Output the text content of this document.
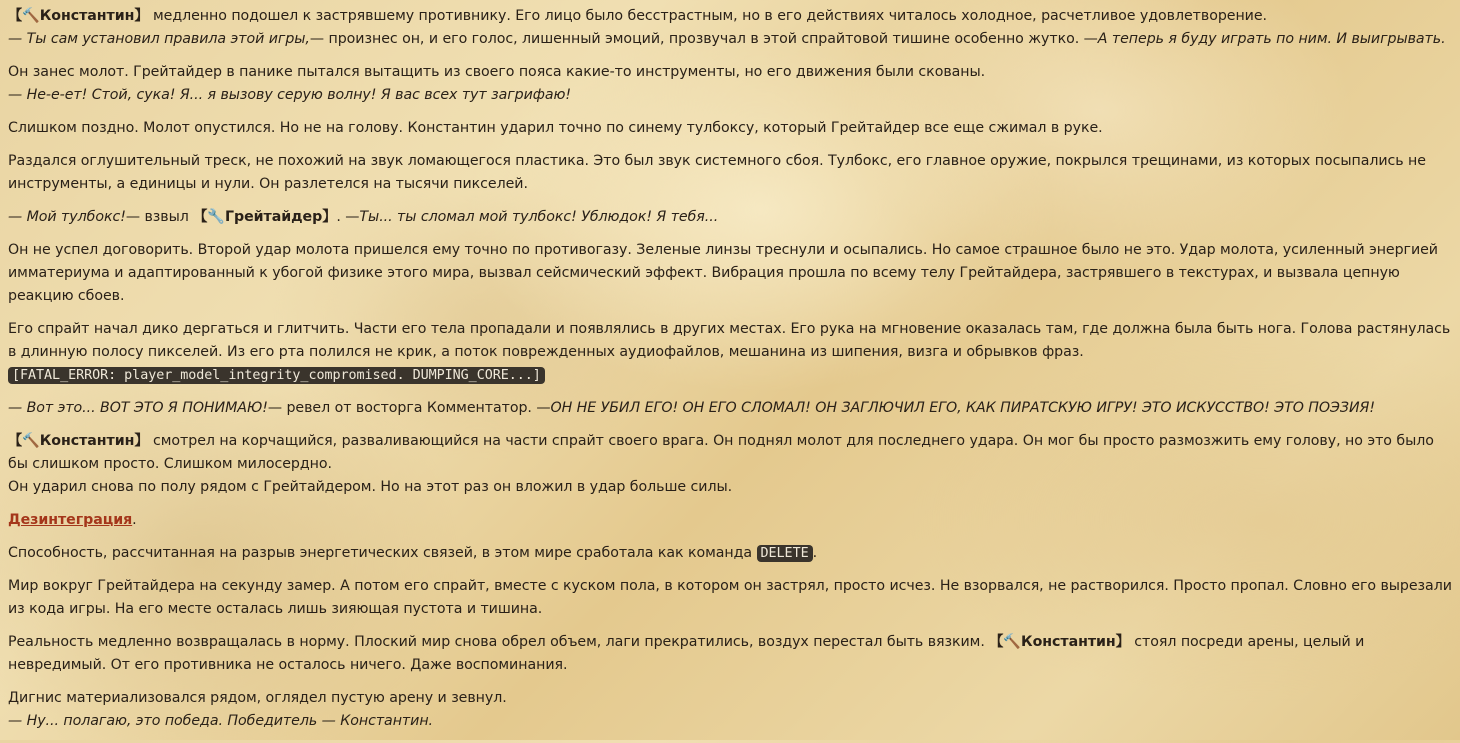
【🔨Константин】 медленно подошел к застрявшему противнику. Его лицо было бесстрастным, но в его действиях читалось холодное, расчетливое удовлетворение.
— Ты сам установил правила этой игры,— произнес он, и его голос, лишенный эмоций, прозвучал в этой спрайтовой тишине особенно жутко. —А теперь я буду играть по ним. И выигрывать.

Он занес молот. Грейтайдер в панике пытался вытащить из своего пояса какие-то инструменты, но его движения были скованы.
— Не-е-ет! Стой, сука! Я... я вызову серую волну! Я вас всех тут загрифаю!

Слишком поздно. Молот опустился. Но не на голову. Константин ударил точно по синему тулбоксу, который Грейтайдер все еще сжимал в руке.

Раздался оглушительный треск, не похожий на звук ломающегося пластика. Это был звук системного сбоя. Тулбокс, его главное оружие, покрылся трещинами, из которых посыпались не инструменты, а единицы и нули. Он разлетелся на тысячи пикселей.

— Мой тулбокс!— взвыл 【🔧Грейтайдер】. —Ты... ты сломал мой тулбокс! Ублюдок! Я тебя...

Он не успел договорить. Второй удар молота пришелся ему точно по противогазу. Зеленые линзы треснули и осыпались. Но самое страшное было не это. Удар молота, усиленный энергией имматериума и адаптированный к убогой физике этого мира, вызвал сейсмический эффект. Вибрация прошла по всему телу Грейтайдера, застрявшего в текстурах, и вызвала цепную реакцию сбоев.

Его спрайт начал дико дергаться и глитчить. Части его тела пропадали и появлялись в других местах. Его рука на мгновение оказалась там, где должна была быть нога. Голова растянулась в длинную полосу пикселей. Из его рта полился не крик, а поток поврежденных аудиофайлов, мешанина из шипения, визга и обрывков фраз.
[FATAL_ERROR: player_model_integrity_compromised. DUMPING_CORE...]

— Вот это... ВОТ ЭТО Я ПОНИМАЮ!— ревел от восторга Комментатор. —ОН НЕ УБИЛ ЕГО! ОН ЕГО СЛОМАЛ! ОН ЗАГЛЮЧИЛ ЕГО, КАК ПИРАТСКУЮ ИГРУ! ЭТО ИСКУССТВО! ЭТО ПОЭЗИЯ!

【🔨Константин】 смотрел на корчащийся, разваливающийся на части спрайт своего врага. Он поднял молот для последнего удара. Он мог бы просто размозжить ему голову, но это было бы слишком просто. Слишком милосердно.
Он ударил снова по полу рядом с Грейтайдером. Но на этот раз он вложил в удар больше силы.

Дезинтеграция.

Способность, рассчитанная на разрыв энергетических связей, в этом мире сработала как команда DELETE .

Мир вокруг Грейтайдера на секунду замер. А потом его спрайт, вместе с куском пола, в котором он застрял, просто исчез. Не взорвался, не растворился. Просто пропал. Словно его вырезали из кода игры. На его месте осталась лишь зияющая пустота и тишина.

Реальность медленно возвращалась в норму. Плоский мир снова обрел объем, лаги прекратились, воздух перестал быть вязким. 【🔨Константин】 стоял посреди арены, целый и невредимый. От его противника не осталось ничего. Даже воспоминания.

Дигнис материализовался рядом, оглядел пустую арену и зевнул.
— Ну... полагаю, это победа. Победитель — Константин.
